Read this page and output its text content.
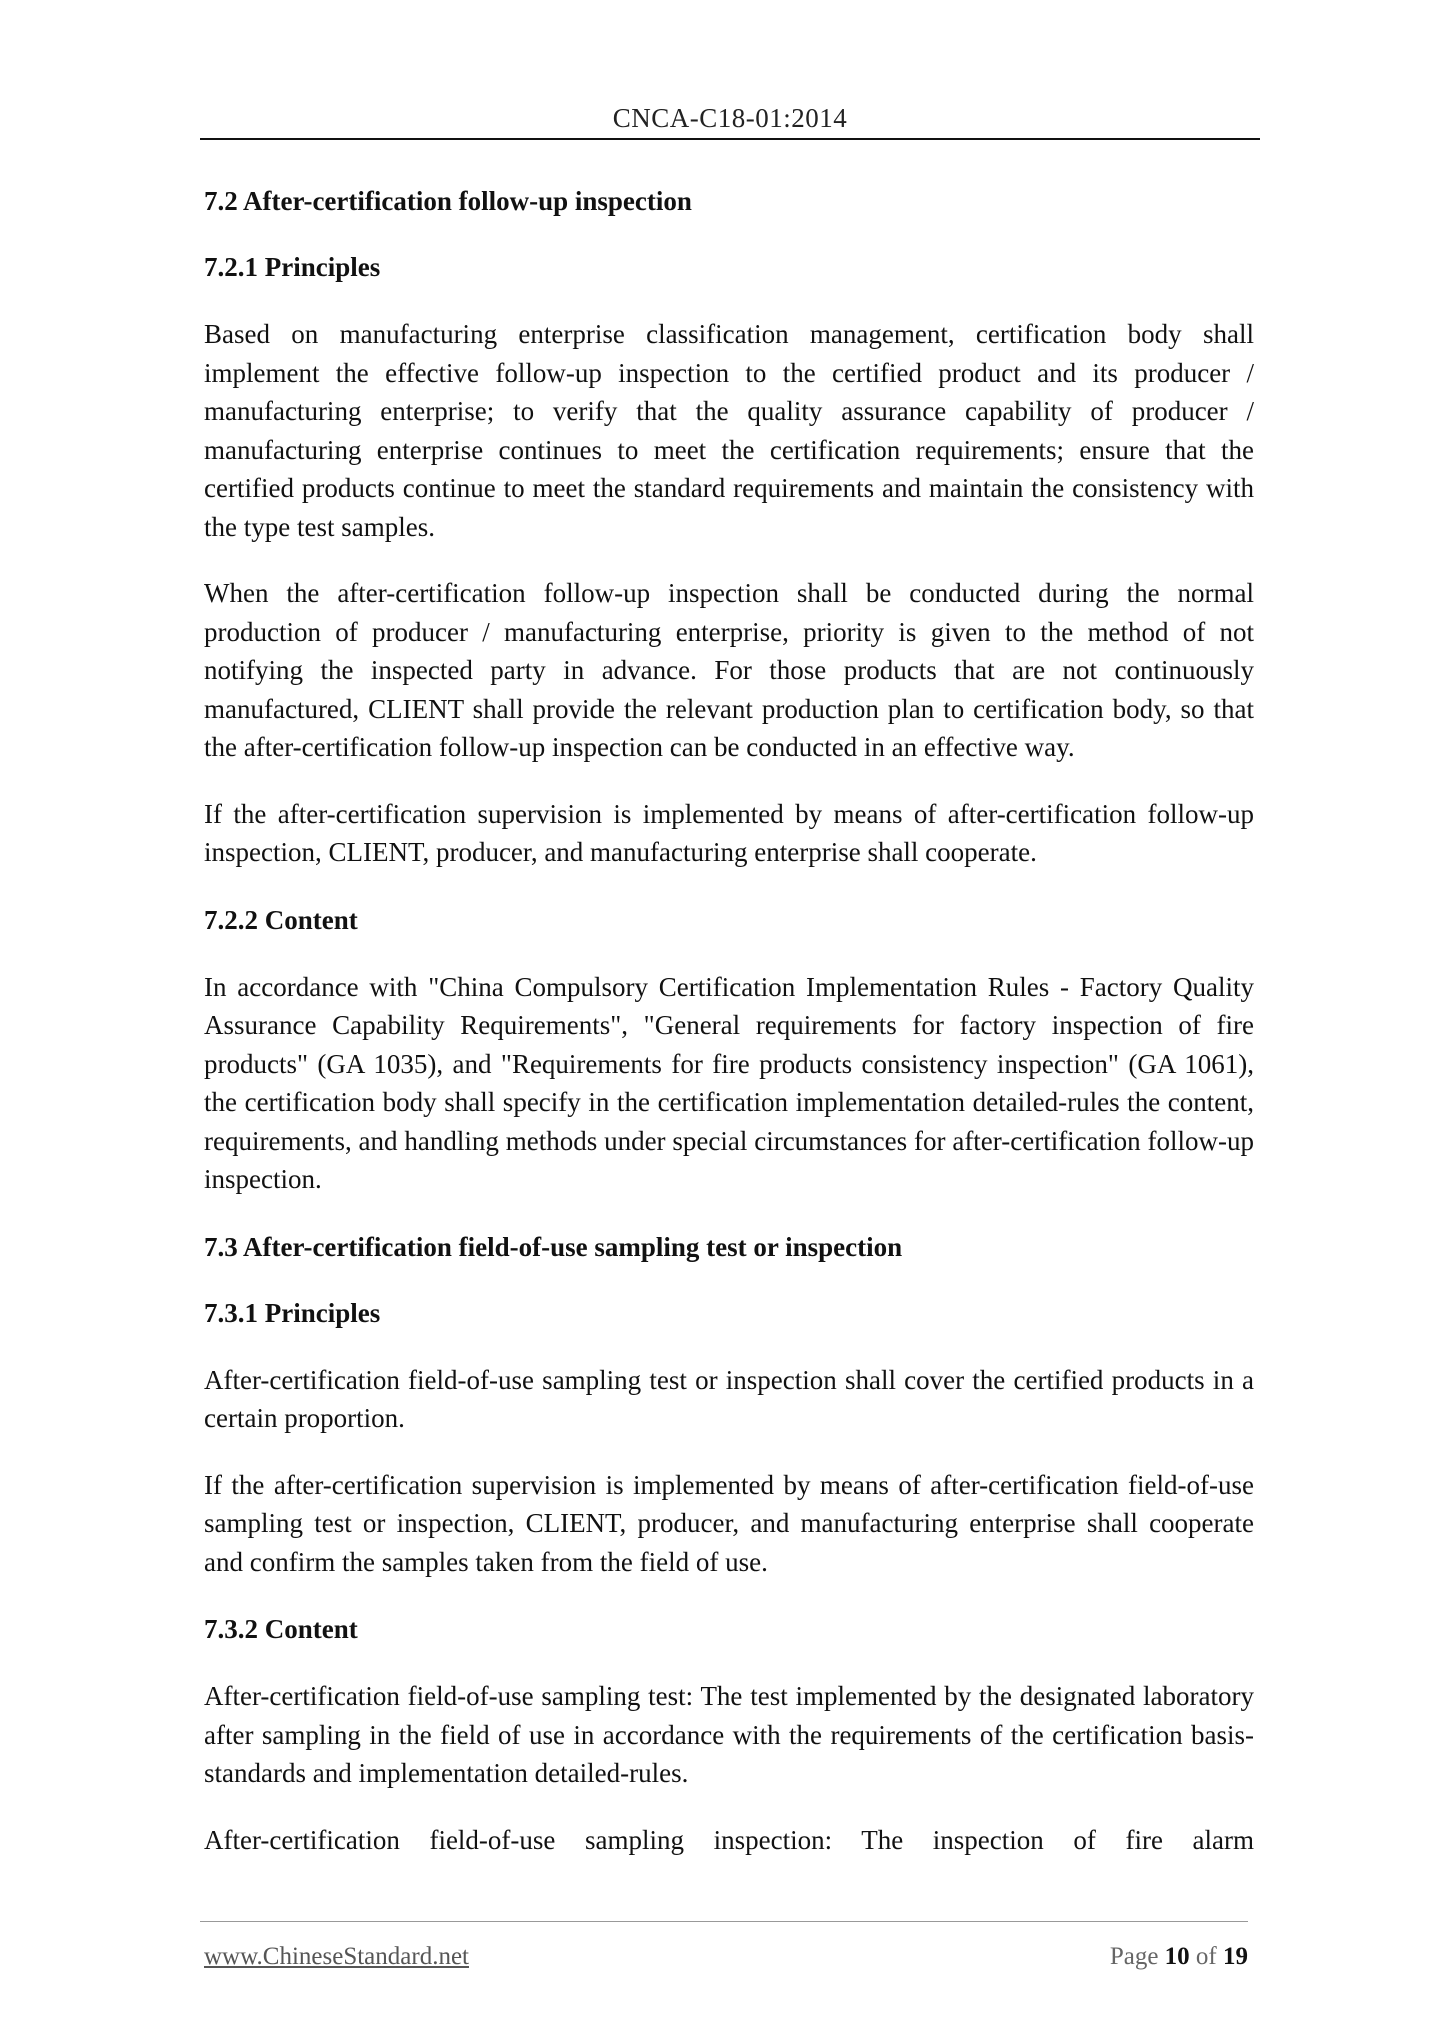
CNCA-C18-01:2014

7.2 After-certification follow-up inspection

7.2.1 Principles

Based on manufacturing enterprise classification management, certification body shall implement the effective follow-up inspection to the certified product and its producer / manufacturing enterprise; to verify that the quality assurance capability of producer / manufacturing enterprise continues to meet the certification requirements; ensure that the certified products continue to meet the standard requirements and maintain the consistency with the type test samples.

When the after-certification follow-up inspection shall be conducted during the normal production of producer / manufacturing enterprise, priority is given to the method of not notifying the inspected party in advance. For those products that are not continuously manufactured, CLIENT shall provide the relevant production plan to certification body, so that the after-certification follow-up inspection can be conducted in an effective way.

If the after-certification supervision is implemented by means of after-certification follow-up inspection, CLIENT, producer, and manufacturing enterprise shall cooperate.

7.2.2 Content

In accordance with "China Compulsory Certification Implementation Rules - Factory Quality Assurance Capability Requirements", "General requirements for factory inspection of fire products" (GA 1035), and "Requirements for fire products consistency inspection" (GA 1061), the certification body shall specify in the certification implementation detailed-rules the content, requirements, and handling methods under special circumstances for after-certification follow-up inspection.

7.3 After-certification field-of-use sampling test or inspection

7.3.1 Principles

After-certification field-of-use sampling test or inspection shall cover the certified products in a certain proportion.

If the after-certification supervision is implemented by means of after-certification field-of-use sampling test or inspection, CLIENT, producer, and manufacturing enterprise shall cooperate and confirm the samples taken from the field of use.

7.3.2 Content

After-certification field-of-use sampling test: The test implemented by the designated laboratory after sampling in the field of use in accordance with the requirements of the certification basis-standards and implementation detailed-rules.

After-certification field-of-use sampling inspection: The inspection of fire alarm

www.ChineseStandard.net	Page 10 of 19
